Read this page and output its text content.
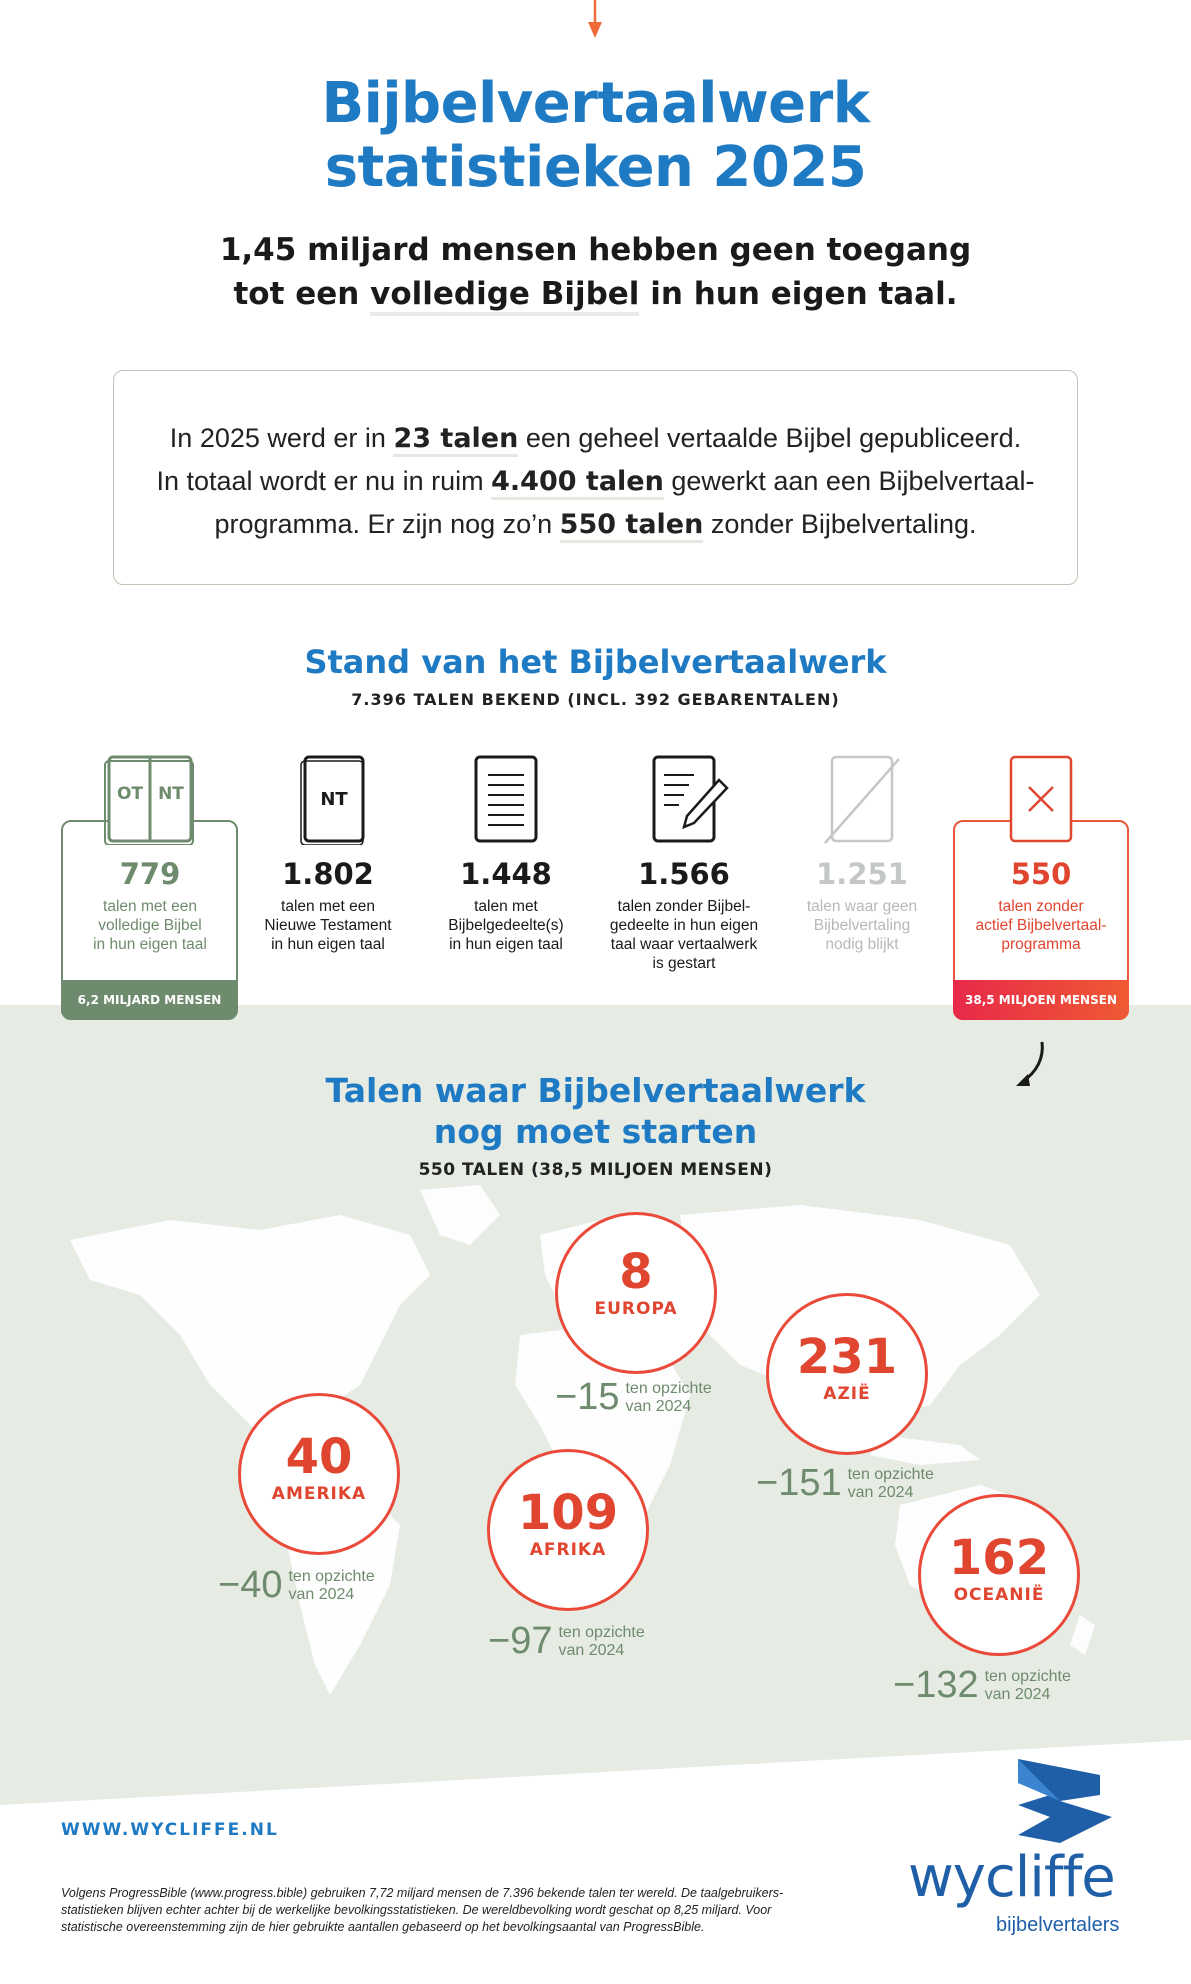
Bijbelvertaalwerk
statistieken 2025
1,45 miljard mensen hebben geen toegang
tot een volledige Bijbel in hun eigen taal.
In 2025 werd er in 23 talen een geheel vertaalde Bijbel gepubliceerd.
In totaal wordt er nu in ruim 4.400 talen gewerkt aan een Bijbelvertaal-
programma. Er zijn nog zo’n 550 talen zonder Bijbelvertaling.
Stand van het Bijbelvertaalwerk
7.396 TALEN BEKEND (INCL. 392 GEBARENTALEN)
6,2 MILJARD MENSEN	38,5 MILJOEN MENSEN
OT NT
779
talen met een
volledige Bijbel
in hun eigen taal
NT
1.802
talen met een
Nieuwe Testament
in hun eigen taal
1.448
talen met
Bijbelgedeelte(s)
in hun eigen taal
1.566
talen zonder Bijbel-
gedeelte in hun eigen
taal waar vertaalwerk
is gestart
1.251
talen waar geen
Bijbelvertaling
nodig blijkt
550
talen zonder
actief Bijbelvertaal-
programma
Talen waar Bijbelvertaalwerk
nog moet starten
550 TALEN (38,5 MILJOEN MENSEN)
8
EUROPA
−15 ten opzichte
van 2024
231
AZIË
−151 ten opzichte
van 2024
40
AMERIKA
−40 ten opzichte
van 2024
109
AFRIKA
−97 ten opzichte
van 2024
162
OCEANIË
−132 ten opzichte
van 2024
WWW.WYCLIFFE.NL
Volgens ProgressBible (www.progress.bible) gebruiken 7,72 miljard mensen de 7.396 bekende talen ter wereld. De taalgebruikers-
statistieken blijven echter achter bij de werkelijke bevolkingsstatistieken. De wereldbevolking wordt geschat op 8,25 miljard. Voor
statistische overeenstemming zijn de hier gebruikte aantallen gebaseerd op het bevolkingsaantal van ProgressBible.
wycliffe
bijbelvertalers
